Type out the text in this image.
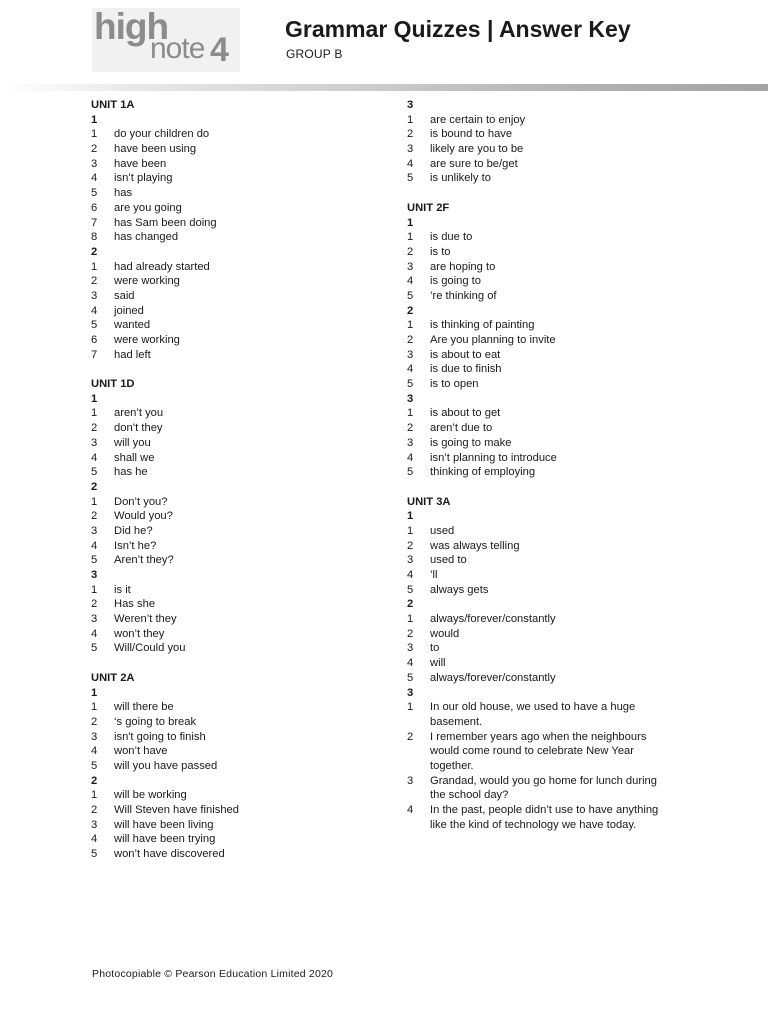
high
note 4
Grammar Quizzes | Answer Key
GROUP B
UNIT 1A
1
1 do your children do
2 have been using
3 have been
4 isn’t playing
5 has
6 are you going
7 has Sam been doing
8 has changed
2
1 had already started
2 were working
3 said
4 joined
5 wanted
6 were working
7 had left
UNIT 1D
1
1 aren’t you
2 don’t they
3 will you
4 shall we
5 has he
2
1 Don’t you?
2 Would you?
3 Did he?
4 Isn’t he?
5 Aren’t they?
3
1 is it
2 Has she
3 Weren’t they
4 won’t they
5 Will/Could you
UNIT 2A
1
1 will there be
2 ‘s going to break
3 isn't going to finish
4 won’t have
5 will you have passed
2
1 will be working
2 Will Steven have finished
3 will have been living
4 will have been trying
5 won’t have discovered
3
1 are certain to enjoy
2 is bound to have
3 likely are you to be
4 are sure to be/get
5 is unlikely to
UNIT 2F
1
1 is due to
2 is to
3 are hoping to
4 is going to
5 ’re thinking of
2
1 is thinking of painting
2 Are you planning to invite
3 is about to eat
4 is due to finish
5 is to open
3
1 is about to get
2 aren’t due to
3 is going to make
4 isn’t planning to introduce
5 thinking of employing
UNIT 3A
1
1 used
2 was always telling
3 used to
4 ’ll
5 always gets
2
1 always/forever/constantly
2 would
3 to
4 will
5 always/forever/constantly
3
1 In our old house, we used to have a huge
basement.
2 I remember years ago when the neighbours
would come round to celebrate New Year
together.
3 Grandad, would you go home for lunch during
the school day?
4 In the past, people didn’t use to have anything
like the kind of technology we have today.
Photocopiable © Pearson Education Limited 2020
